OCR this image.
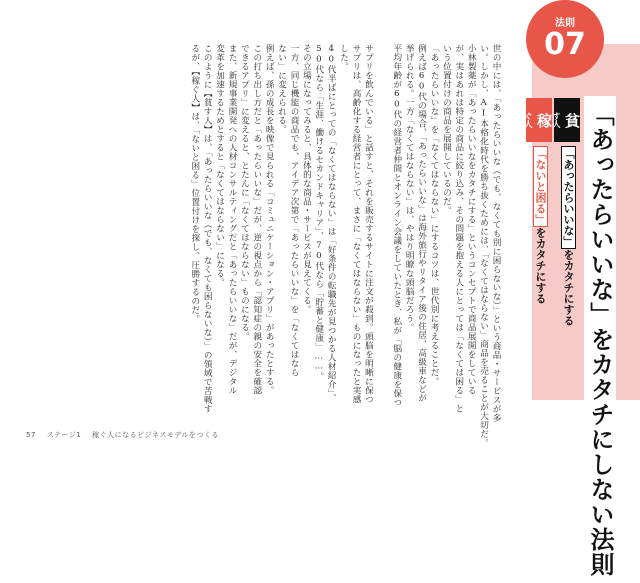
世の中には、「あったらいいな（でも、なくても別に困らないな）」という商品・サービスが多
い。しかし、AI本格化時代を勝ち抜くためには、「なくてはならない」商品を売ることが大切だ。
小林製薬が「あったらいいなをカタチにする」というコンセプトで商品展開をしている
が、実はあれは特定の商品に絞り込み、その問題を抱える人にとっては「なくては困る」と
いう位置付けの商品を展開しているのだ。
「あったらいいな」を「なくてはならない」にするコツは、世代別に考えることだ。
例えば60代の場合、「あったらいいな」は海外旅行やリタイア後の住居、高級車などが
挙げられる。一方「なくてはならない」は、やはり明瞭な頭脳だろう。
平均年齢が60代の経営者仲間とオンライン会議をしていたとき、私が「脳の健康を保つ
サプリを飲んでいる」と話すと、それを販売するサイトに注文が殺到。頭脳を明晰に保つ
サプリは、高齢化する経営者にとって、まさに「なくてはならない」ものになったと実感
した。
40代半ばにとっての「なくてはならない」は「好条件の転職先が見つかる人材紹介」、
50代なら「生涯、働けるセカンドキャリア」、70代なら「貯蓄と健康」……。
その立場になってみると、具体的な商品・サービスが見えてくる。
一方、同じ機能の商品でも、アイデア次第で「あったらいいな」を「なくてはなら
ない」に変えられる。
例えば、孫の成長を映像で見られる「コミュニケーション・アプリ」があったとする。
この打ち出し方だと「あったらいいな」だが、逆の視点から「認知症の親の安全を確認
できるアプリ」に変えると、とたんに「なくてはならない」ものになる。
また、新規事業開発への人材コンサルティングだと「あったらいいな」だが、デジタル
変革を加速するためとすると「なくてはならない」になる。
このように【貧す人】は、「あったらいいな（でも、なくても困らないな）」の領域で苦戦す
るが、【稼ぐ人】は、「ないと困る」位置付けを探し、圧勝するのだ。
法則
07
「あったらいいな」をカタチにしない法則
貧
す人
「あったらいいな」をカタチにする
稼
ぐ人
「ないと困る」をカタチにする
57 ステージ1 稼ぐ人になるビジネスモデルをつくる
